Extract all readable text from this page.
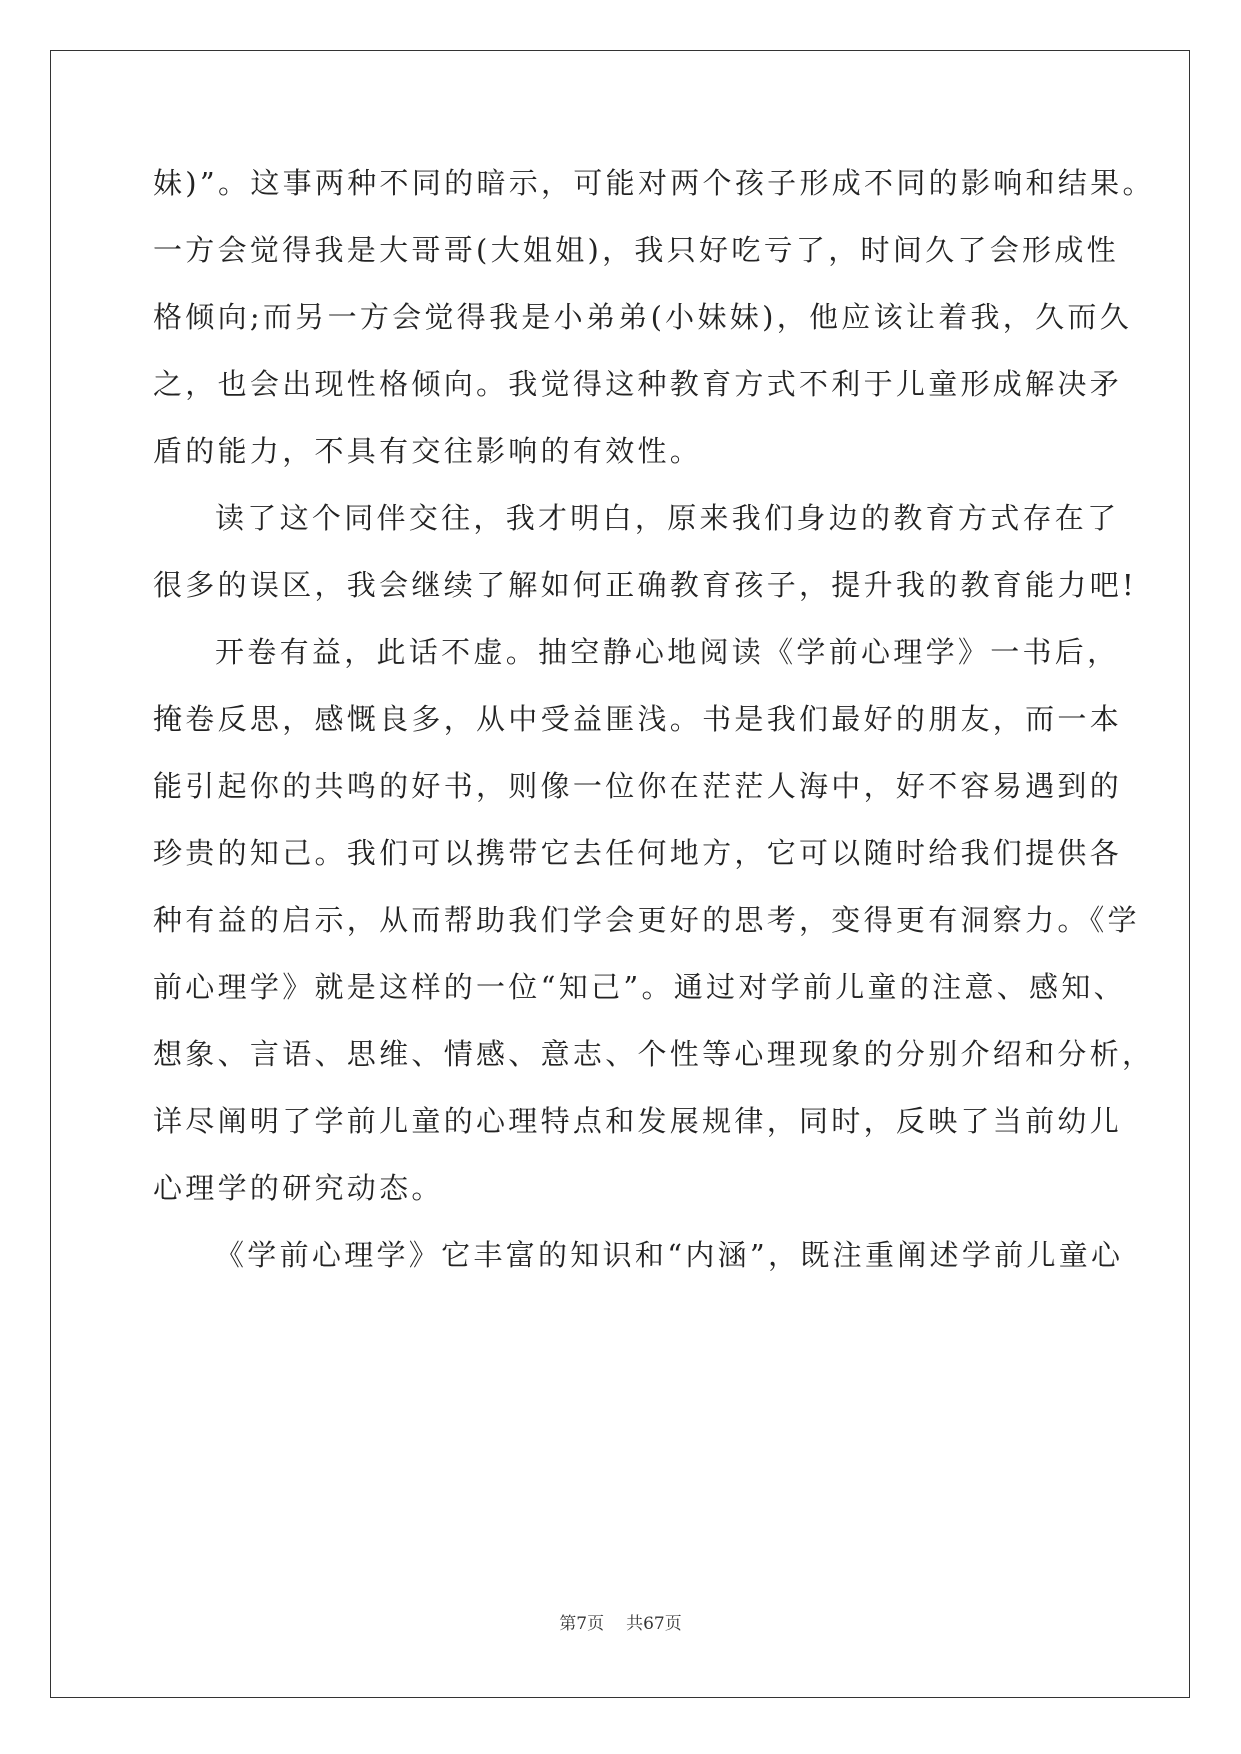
妹)”。这事两种不同的暗示，可能对两个孩子形成不同的影响和结果。
一方会觉得我是大哥哥(大姐姐)，我只好吃亏了，时间久了会形成性
格倾向;而另一方会觉得我是小弟弟(小妹妹)，他应该让着我，久而久
之，也会出现性格倾向。我觉得这种教育方式不利于儿童形成解决矛
盾的能力，不具有交往影响的有效性。
读了这个同伴交往，我才明白，原来我们身边的教育方式存在了
很多的误区，我会继续了解如何正确教育孩子，提升我的教育能力吧!
开卷有益，此话不虚。抽空静心地阅读《学前心理学》一书后，
掩卷反思，感慨良多，从中受益匪浅。书是我们最好的朋友，而一本
能引起你的共鸣的好书，则像一位你在茫茫人海中，好不容易遇到的
珍贵的知己。我们可以携带它去任何地方，它可以随时给我们提供各
种有益的启示，从而帮助我们学会更好的思考，变得更有洞察力。《学
前心理学》就是这样的一位“知己”。通过对学前儿童的注意、感知、
想象、言语、思维、情感、意志、个性等心理现象的分别介绍和分析，
详尽阐明了学前儿童的心理特点和发展规律，同时，反映了当前幼儿
心理学的研究动态。
《学前心理学》它丰富的知识和“内涵”，既注重阐述学前儿童心
第7页 共67页
